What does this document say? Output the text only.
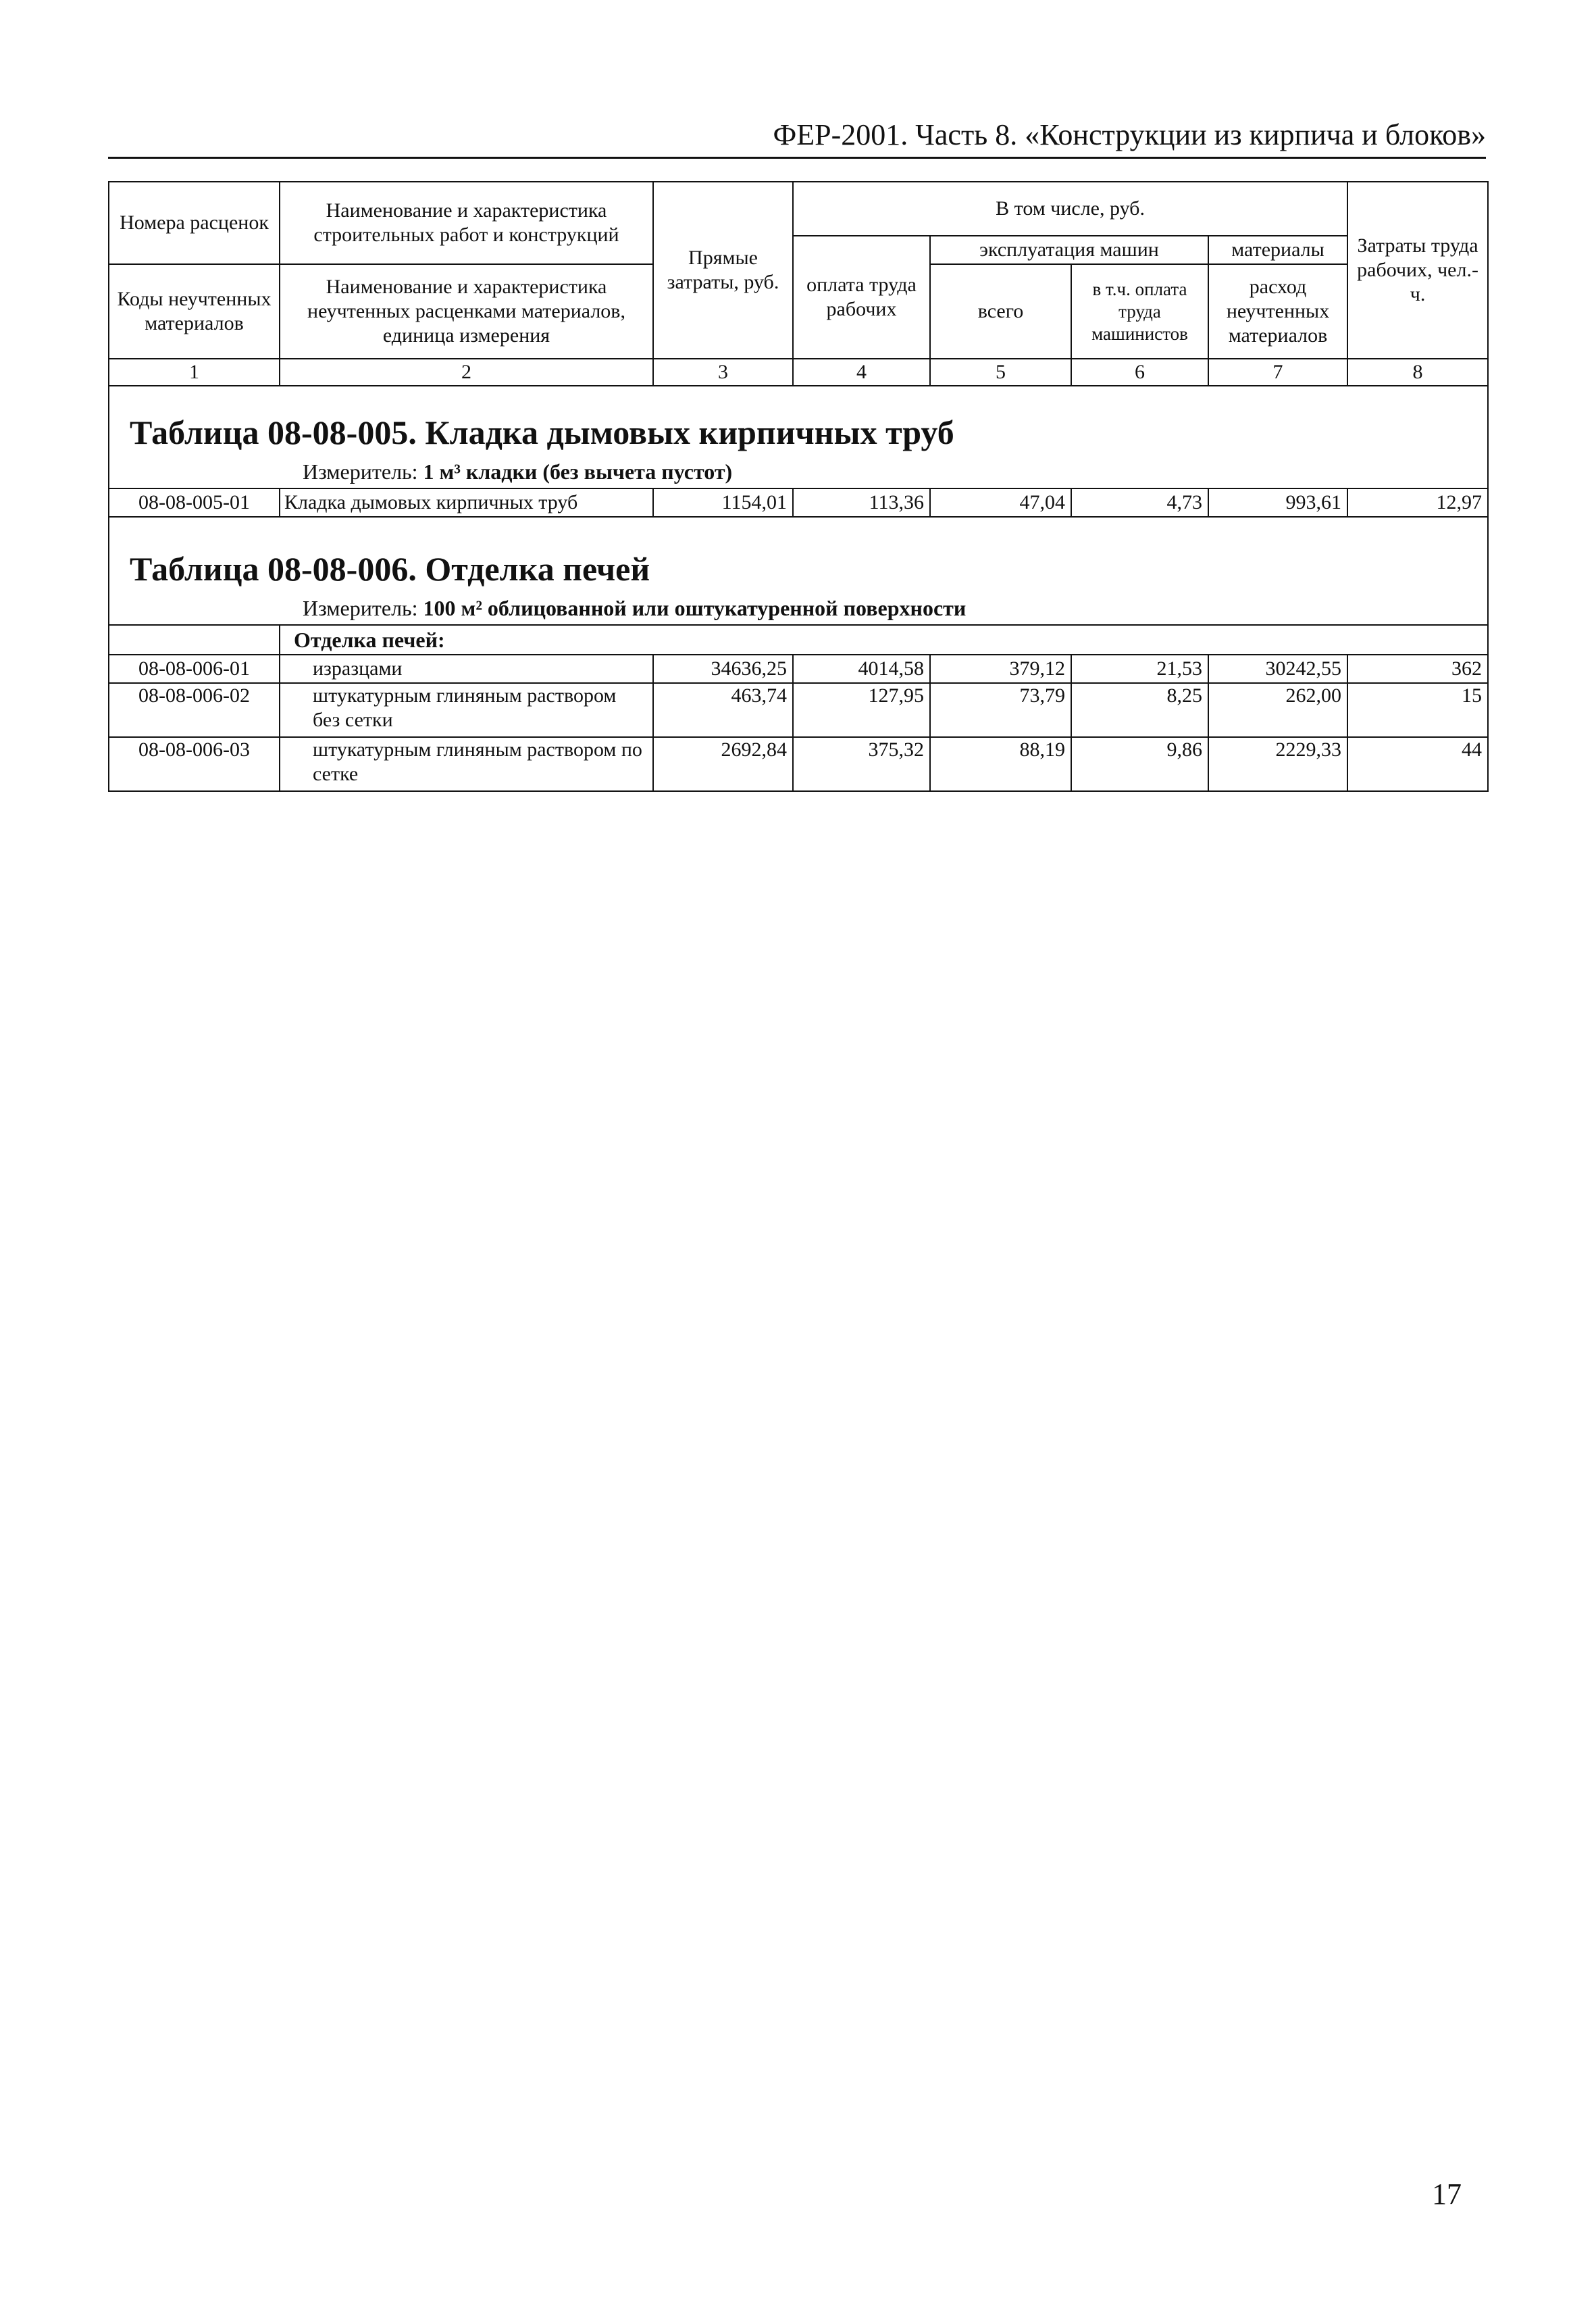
ФЕР-2001. Часть 8. «Конструкции из кирпича и блоков»
Номера расценок	Наименование и характеристика строительных работ и конструкций	Прямые затраты, руб.	В том числе, руб.				Затраты труда рабочих, чел.-ч.
			оплата труда рабочих	эксплуатация машин		материалы	
Коды неучтенных материалов	Наименование и характеристика неучтенных расценками материалов, единица измерения			всего	в т.ч. оплата труда машинистов	расход неучтенных материалов	

1	2	3	4	5	6	7	8

Таблица 08-08-005. Кладка дымовых кирпичных труб
Измеритель: 1 м³ кладки (без вычета пустот)							

08-08-005-01	Кладка дымовых кирпичных труб	1154,01	113,36	47,04	4,73	993,61	12,97

Таблица 08-08-006. Отделка печей
Измеритель: 100 м² облицованной или оштукатуренной поверхности							

	Отделка печей:						
08-08-006-01	изразцами	34636,25	4014,58	379,12	21,53	30242,55	362
08-08-006-02	штукатурным глиняным раствором без сетки	463,74	127,95	73,79	8,25	262,00	15
08-08-006-03	штукатурным глиняным раствором по сетке	2692,84	375,32	88,19	9,86	2229,33	44
17
